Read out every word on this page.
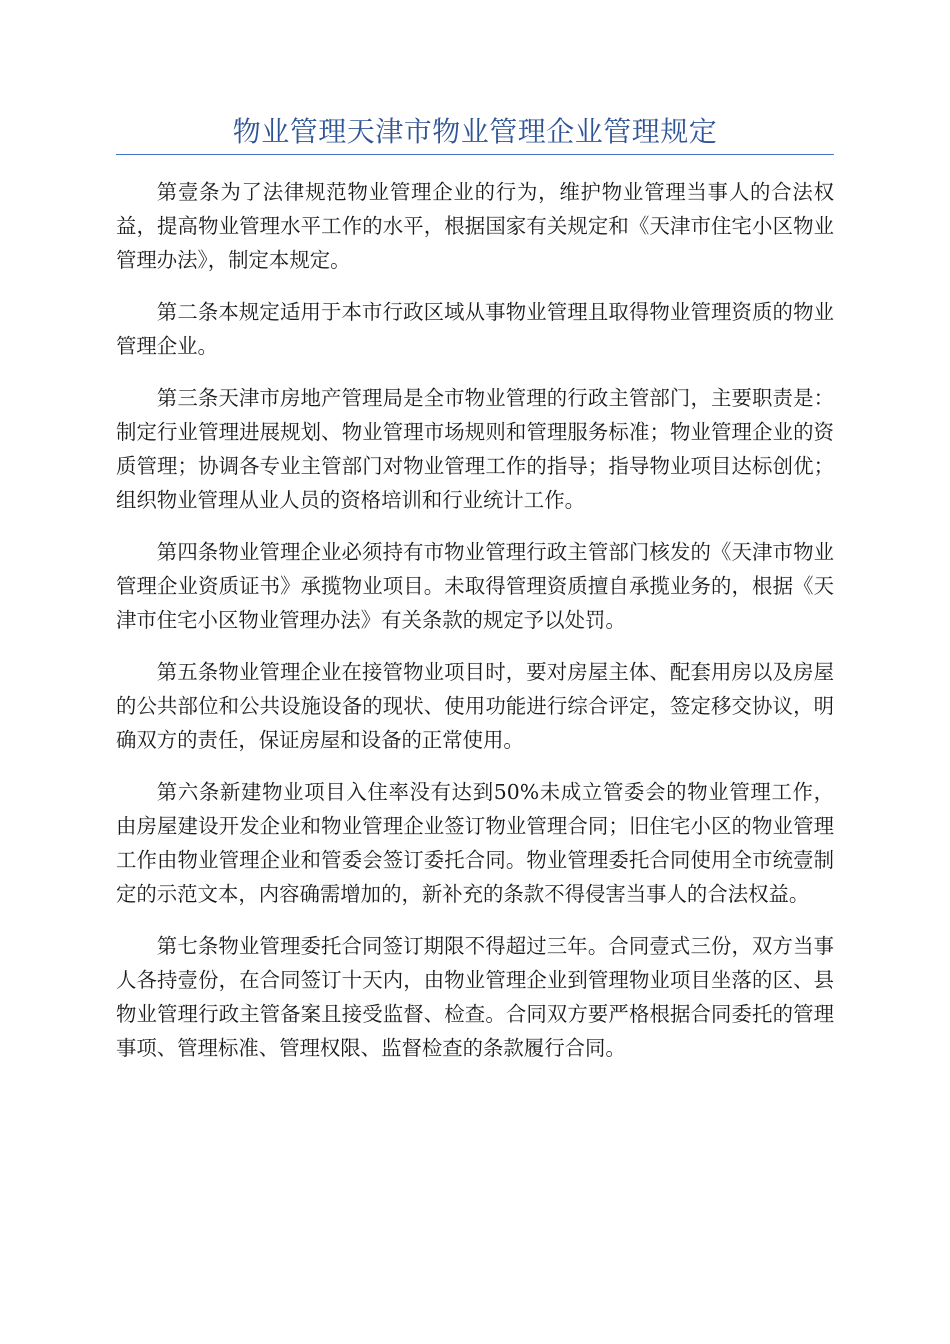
物业管理天津市物业管理企业管理规定

第壹条为了法律规范物业管理企业的行为，维护物业管理当事人的合法权益，提高物业管理水平工作的水平，根据国家有关规定和《天津市住宅小区物业管理办法》，制定本规定。

第二条本规定适用于本市行政区域从事物业管理且取得物业管理资质的物业管理企业。

第三条天津市房地产管理局是全市物业管理的行政主管部门，主要职责是：制定行业管理进展规划、物业管理市场规则和管理服务标准；物业管理企业的资质管理；协调各专业主管部门对物业管理工作的指导；指导物业项目达标创优；组织物业管理从业人员的资格培训和行业统计工作。

第四条物业管理企业必须持有市物业管理行政主管部门核发的《天津市物业管理企业资质证书》承揽物业项目。未取得管理资质擅自承揽业务的，根据《天津市住宅小区物业管理办法》有关条款的规定予以处罚。

第五条物业管理企业在接管物业项目时，要对房屋主体、配套用房以及房屋的公共部位和公共设施设备的现状、使用功能进行综合评定，签定移交协议，明确双方的责任，保证房屋和设备的正常使用。

第六条新建物业项目入住率没有达到50%未成立管委会的物业管理工作，由房屋建设开发企业和物业管理企业签订物业管理合同；旧住宅小区的物业管理工作由物业管理企业和管委会签订委托合同。物业管理委托合同使用全市统壹制定的示范文本，内容确需增加的，新补充的条款不得侵害当事人的合法权益。

第七条物业管理委托合同签订期限不得超过三年。合同壹式三份，双方当事人各持壹份，在合同签订十天内，由物业管理企业到管理物业项目坐落的区、县物业管理行政主管备案且接受监督、检查。合同双方要严格根据合同委托的管理事项、管理标准、管理权限、监督检查的条款履行合同。
